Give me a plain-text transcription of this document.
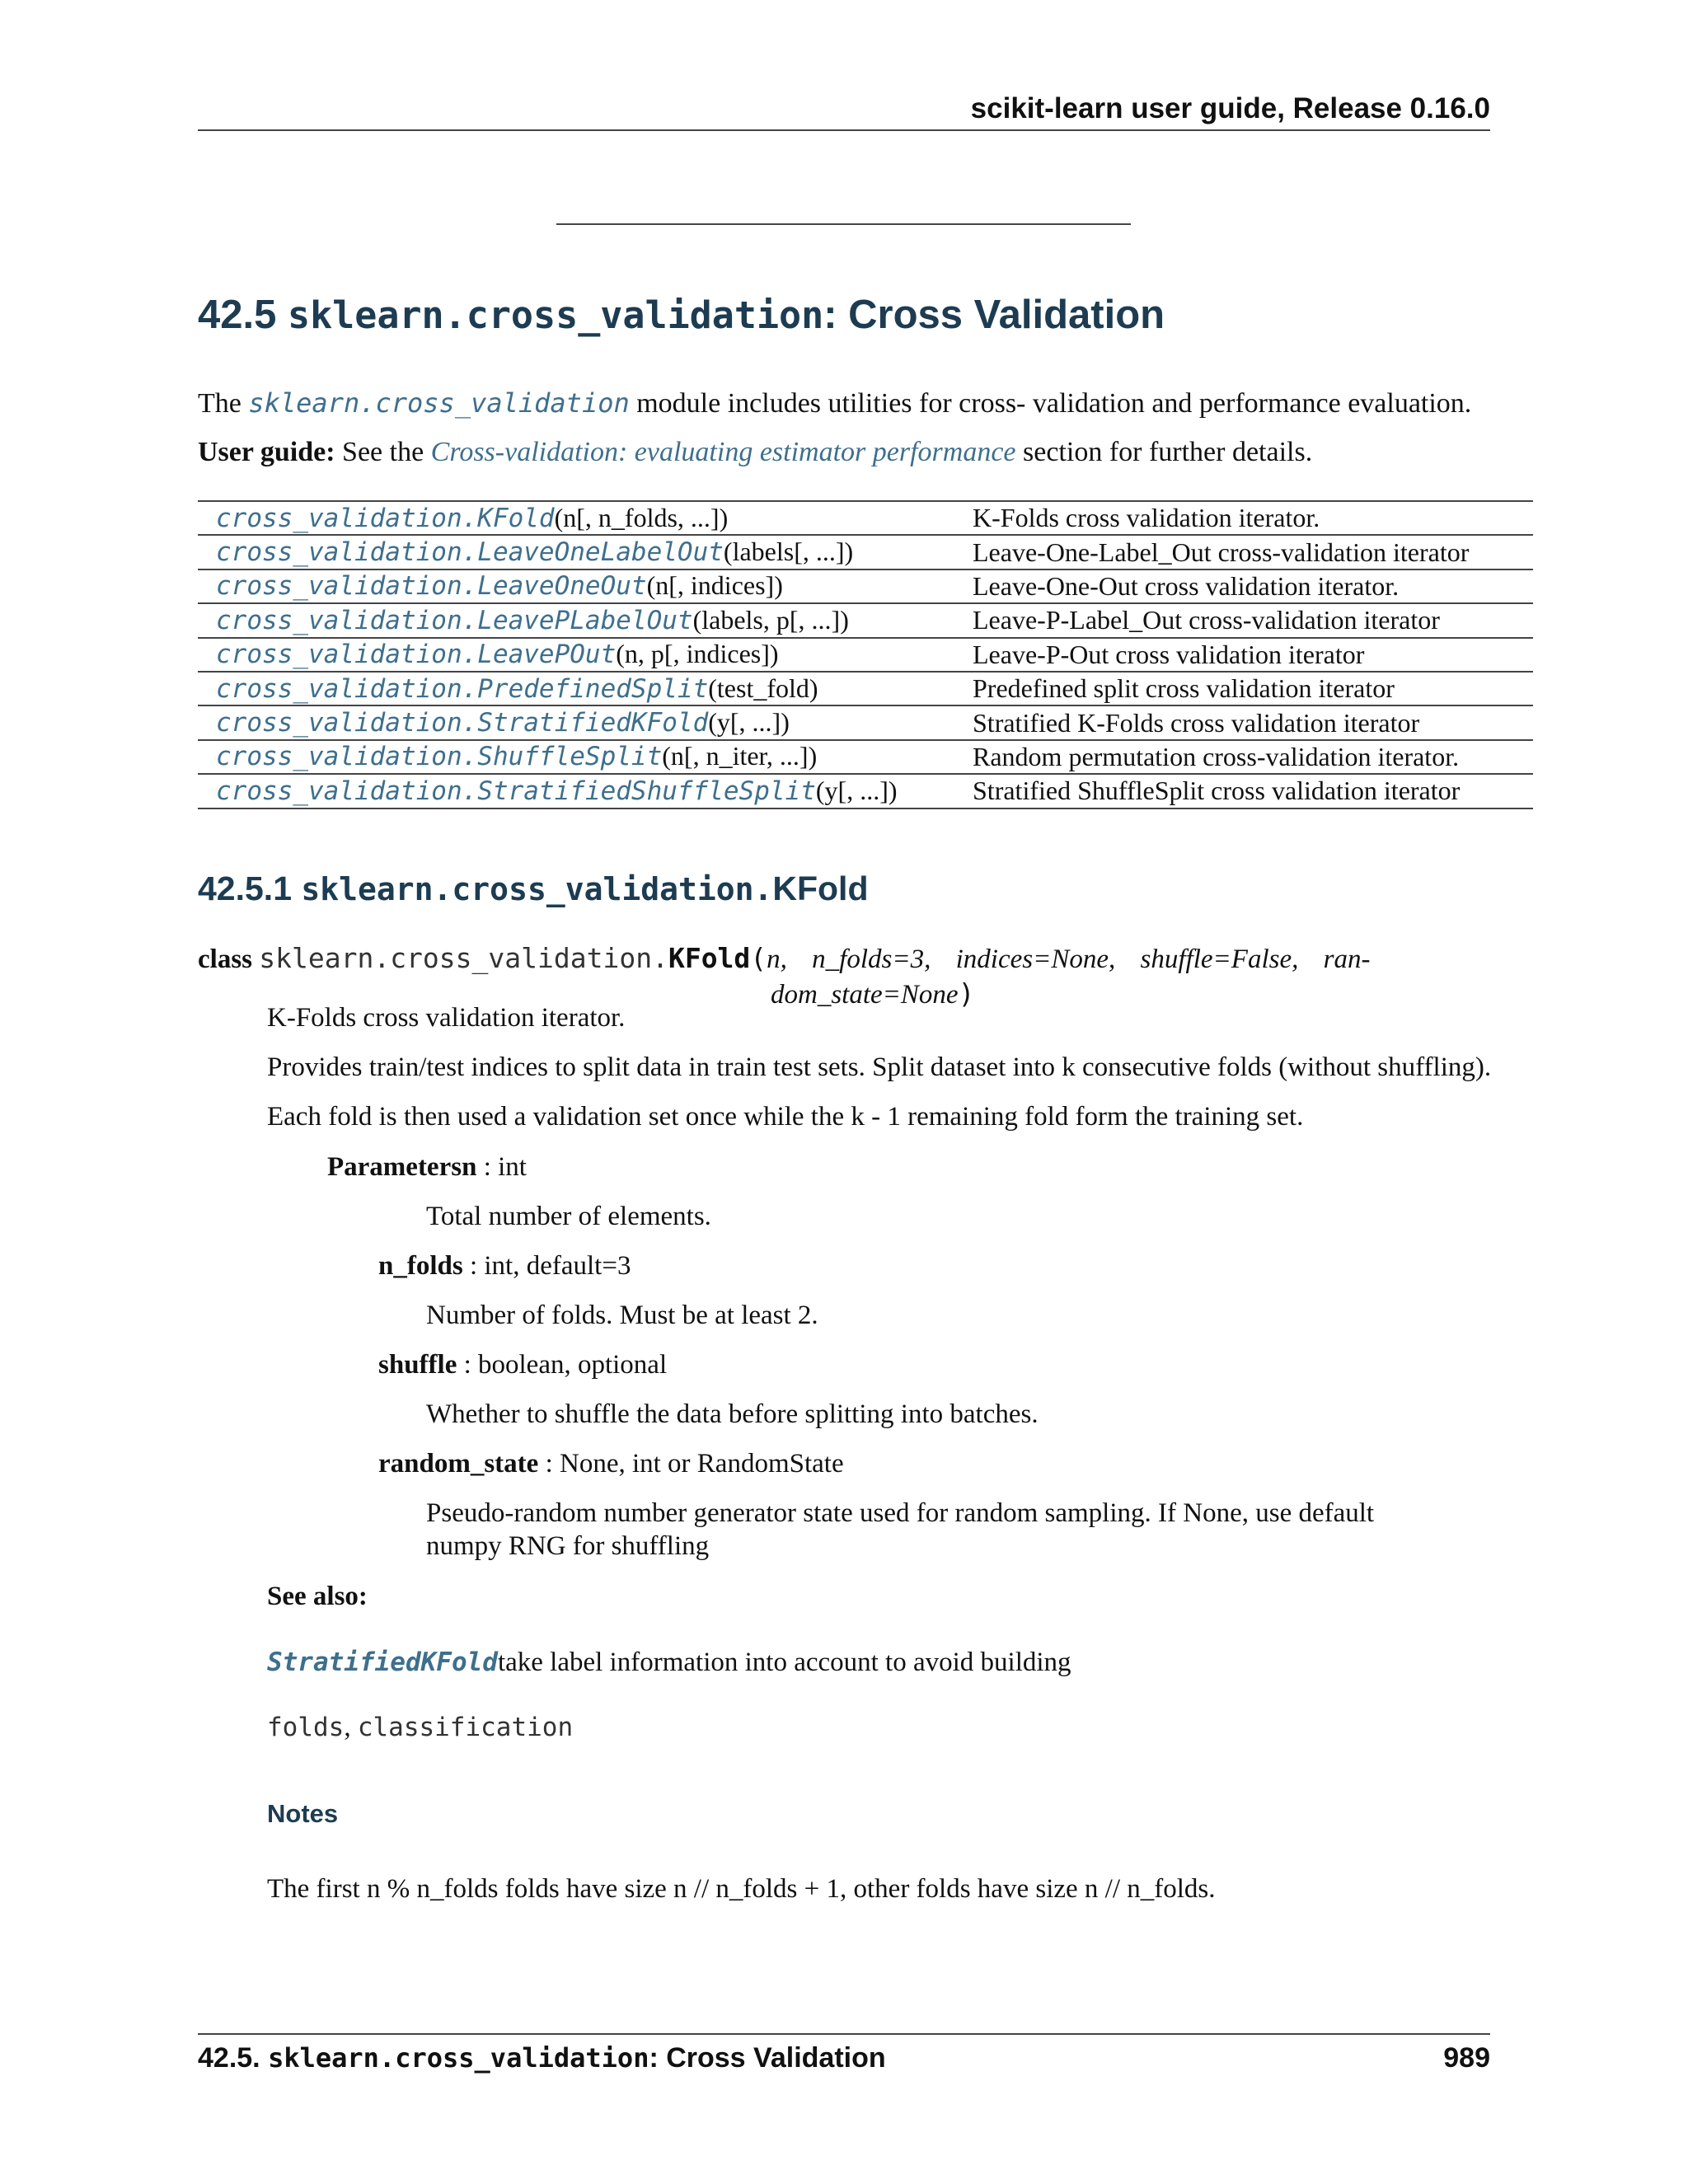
scikit-learn user guide, Release 0.16.0
42.5 sklearn.cross_validation: Cross Validation
The sklearn.cross_validation module includes utilities for cross- validation and performance evaluation.
User guide: See the Cross-validation: evaluating estimator performance section for further details.
cross_validation.KFold(n[, n_folds, ...])	K-Folds cross validation iterator.
cross_validation.LeaveOneLabelOut(labels[, ...])	Leave-One-Label_Out cross-validation iterator
cross_validation.LeaveOneOut(n[, indices])	Leave-One-Out cross validation iterator.
cross_validation.LeavePLabelOut(labels, p[, ...])	Leave-P-Label_Out cross-validation iterator
cross_validation.LeavePOut(n, p[, indices])	Leave-P-Out cross validation iterator
cross_validation.PredefinedSplit(test_fold)	Predefined split cross validation iterator
cross_validation.StratifiedKFold(y[, ...])	Stratified K-Folds cross validation iterator
cross_validation.ShuffleSplit(n[, n_iter, ...])	Random permutation cross-validation iterator.
cross_validation.StratifiedShuffleSplit(y[, ...])	Stratified ShuffleSplit cross validation iterator
42.5.1 sklearn.cross_validation.KFold
class sklearn.cross_validation.KFold(n, n_folds=3, indices=None, shuffle=False, ran-
dom_state=None)
K-Folds cross validation iterator.
Provides train/test indices to split data in train test sets. Split dataset into k consecutive folds (without shuffling).
Each fold is then used a validation set once while the k - 1 remaining fold form the training set.
Parametersn : int
Total number of elements.
n_folds : int, default=3
Number of folds. Must be at least 2.
shuffle : boolean, optional
Whether to shuffle the data before splitting into batches.
random_state : None, int or RandomState
Pseudo-random number generator state used for random sampling. If None, use default
numpy RNG for shuffling
See also:
StratifiedKFoldtake label information into account to avoid building
folds, classification
Notes
The first n % n_folds folds have size n // n_folds + 1, other folds have size n // n_folds.
42.5. sklearn.cross_validation: Cross Validation	989
